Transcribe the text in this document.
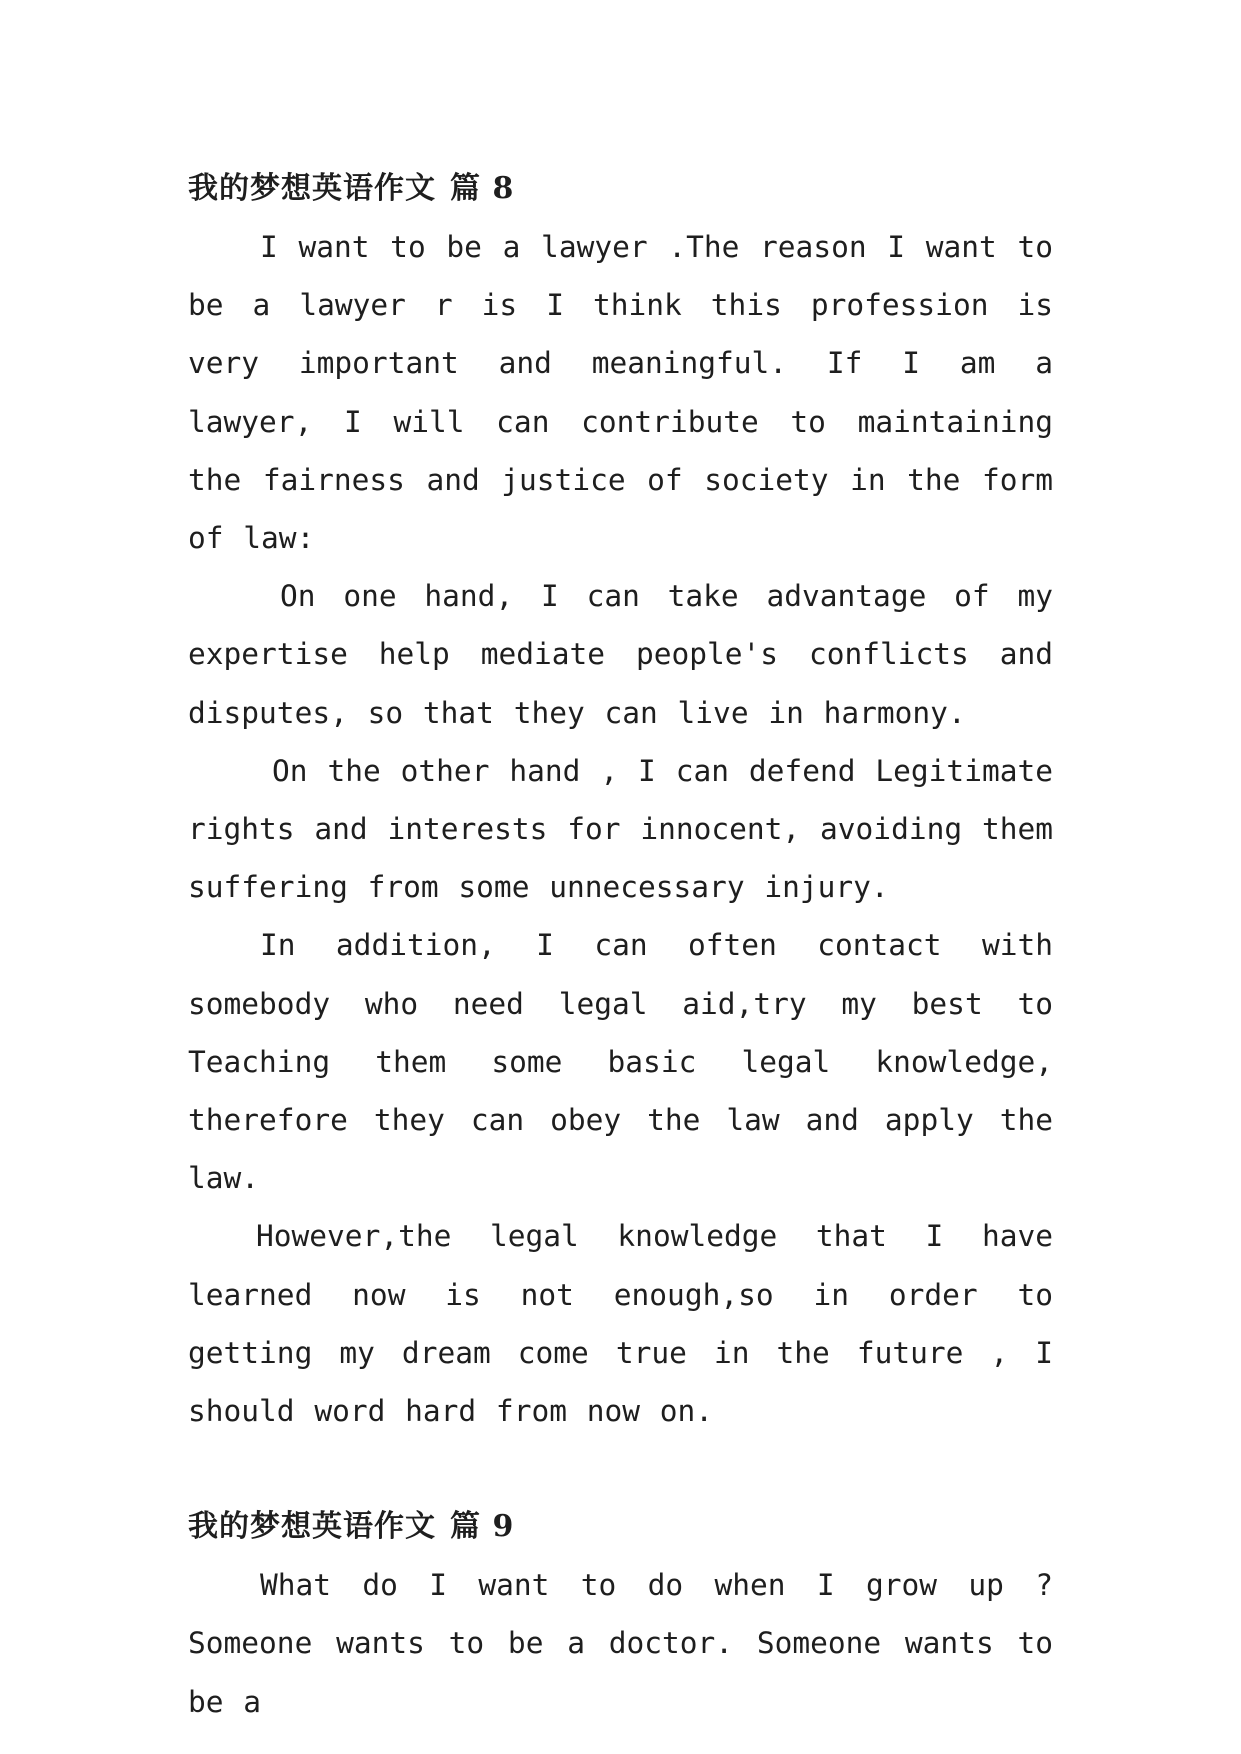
我的梦想英语作文 篇 8

I want to be a lawyer .The reason I want to be a lawyer r is I think this profession is very important and meaningful. If I am a lawyer, I will can contribute to maintaining the fairness and justice of society in the form of law:

On one hand, I can take advantage of my expertise help mediate people's conflicts and disputes, so that they can live in harmony.

On the other hand , I can defend Legitimate rights and interests for innocent, avoiding them suffering from some unnecessary injury.

In addition, I can often contact with somebody who need legal aid,try my best to Teaching them some basic legal knowledge, therefore they can obey the law and apply the law.

However,the legal knowledge that I have learned now is not enough,so in order to getting my dream come true in the future , I should word hard from now on.

我的梦想英语作文 篇 9

What do I want to do when I grow up ? Someone wants to be a doctor. Someone wants to be a
